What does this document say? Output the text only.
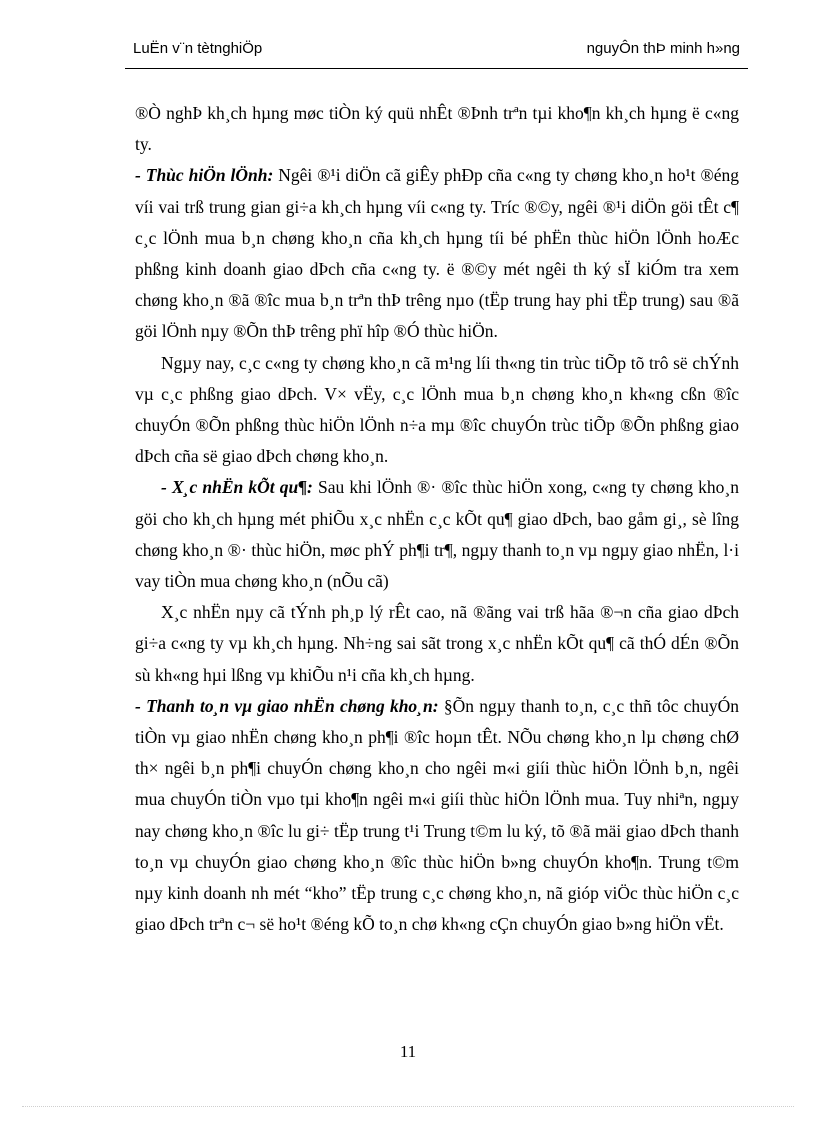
LuËn v¨n tètnghiÖp	nguyÔn thÞ minh h»ng

®Ò nghÞ kh¸ch hµng møc tiÒn ký quü nhÊt ®Þnh trªn tµi kho¶n kh¸ch hµng ë c«ng ty.

- Thùc hiÖn lÖnh: Ngêi ®¹i diÖn cã giÊy phÐp cña c«ng ty chøng kho¸n ho¹t ®éng víi vai trß trung gian gi÷a kh¸ch hµng víi c«ng ty. Tríc ®©y, ngêi ®¹i diÖn göi tÊt c¶ c¸c lÖnh mua b¸n chøng kho¸n cña kh¸ch hµng tíi bé phËn thùc hiÖn lÖnh hoÆc phßng kinh doanh giao dÞch cña c«ng ty. ë ®©y mét ngêi th ký sÏ kiÓm tra xem chøng kho¸n ®ã ®îc mua b¸n trªn thÞ trêng nµo (tËp trung hay phi tËp trung) sau ®ã göi lÖnh nµy ®Õn thÞ trêng phï hîp ®Ó thùc hiÖn.

Ngµy nay, c¸c c«ng ty chøng kho¸n cã m¹ng líi th«ng tin trùc tiÕp tõ trô së chÝnh vµ c¸c phßng giao dÞch. V× vËy, c¸c lÖnh mua b¸n chøng kho¸n kh«ng cßn ®îc chuyÓn ®Õn phßng thùc hiÖn lÖnh n÷a mµ ®îc chuyÓn trùc tiÕp ®Õn phßng giao dÞch cña së giao dÞch chøng kho¸n.

- X¸c nhËn kÕt qu¶: Sau khi lÖnh ®· ®îc thùc hiÖn xong, c«ng ty chøng kho¸n göi cho kh¸ch hµng mét phiÕu x¸c nhËn c¸c kÕt qu¶ giao dÞch, bao gåm gi¸, sè lîng chøng kho¸n ®· thùc hiÖn, møc phÝ ph¶i tr¶, ngµy thanh to¸n vµ ngµy giao nhËn, l·i vay tiÒn mua chøng kho¸n (nÕu cã)

X¸c nhËn nµy cã tÝnh ph¸p lý rÊt cao, nã ®ãng vai trß hãa ®¬n cña giao dÞch gi÷a c«ng ty vµ kh¸ch hµng. Nh÷ng sai sãt trong x¸c nhËn kÕt qu¶ cã thÓ dÉn ®Õn sù kh«ng hµi lßng vµ khiÕu n¹i cña kh¸ch hµng.

- Thanh to¸n vµ giao nhËn chøng kho¸n: §Õn ngµy thanh to¸n, c¸c thñ tôc chuyÓn tiÒn vµ giao nhËn chøng kho¸n ph¶i ®îc hoµn tÊt. NÕu chøng kho¸n lµ chøng chØ th× ngêi b¸n ph¶i chuyÓn chøng kho¸n cho ngêi m«i giíi thùc hiÖn lÖnh b¸n, ngêi mua chuyÓn tiÒn vµo tµi kho¶n ngêi m«i giíi thùc hiÖn lÖnh mua. Tuy nhiªn, ngµy nay chøng kho¸n ®îc lu gi÷ tËp trung t¹i Trung t©m lu ký, tõ ®ã mäi giao dÞch thanh to¸n vµ chuyÓn giao chøng kho¸n ®îc thùc hiÖn b»ng chuyÓn kho¶n. Trung t©m nµy kinh doanh nh mét “kho” tËp trung c¸c chøng kho¸n, nã gióp viÖc thùc hiÖn c¸c giao dÞch trªn c¬ së ho¹t ®éng kÕ to¸n chø kh«ng cÇn chuyÓn giao b»ng hiÖn vËt.

11
